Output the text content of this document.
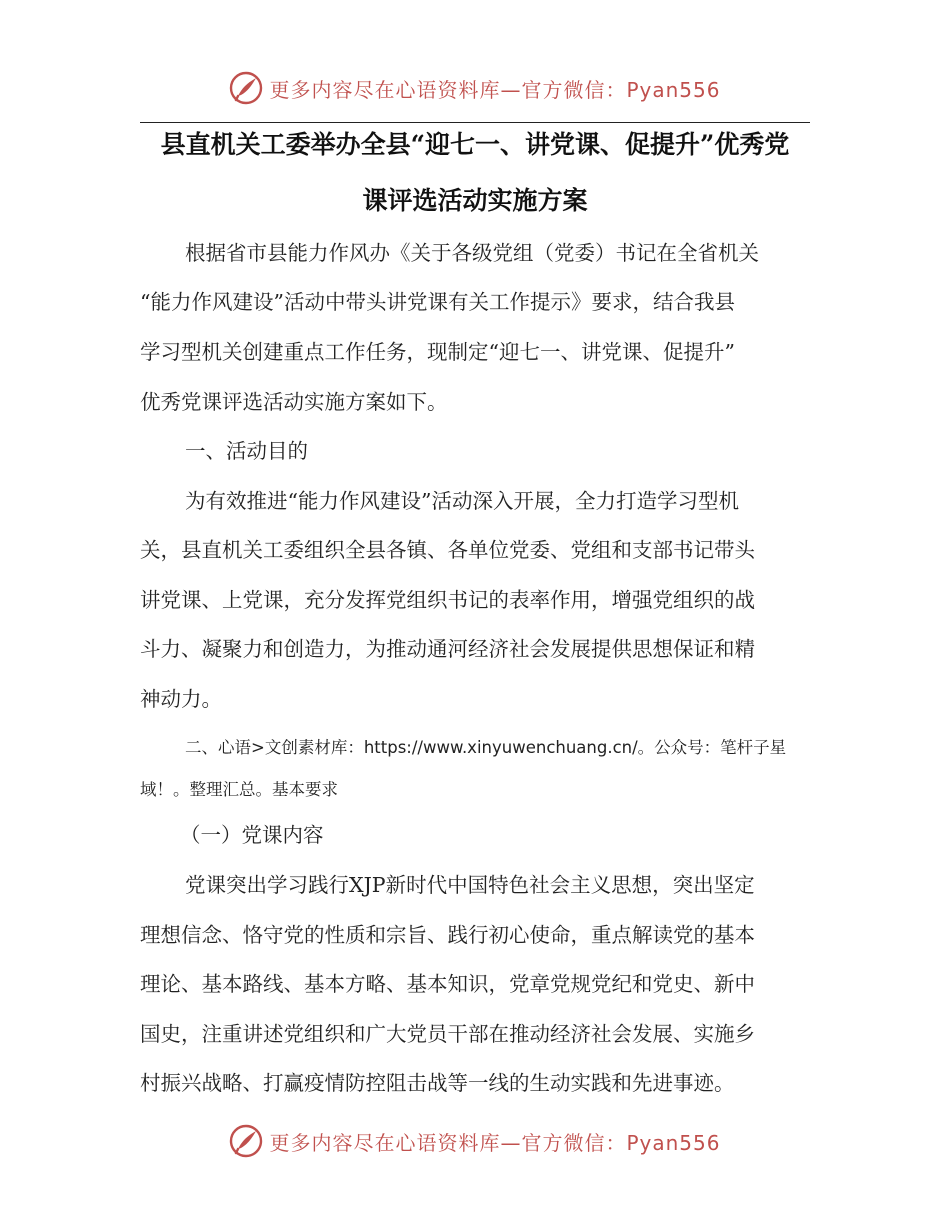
更多内容尽在心语资料库—官方微信：Pyan556
县直机关工委举办全县“迎七一、讲党课、促提升”优秀党
课评选活动实施方案
根据省市县能力作风办《关于各级党组（党委）书记在全省机关
“能力作风建设”活动中带头讲党课有关工作提示》要求，结合我县
学习型机关创建重点工作任务，现制定“迎七一、讲党课、促提升”
优秀党课评选活动实施方案如下。
一、活动目的
为有效推进“能力作风建设”活动深入开展，全力打造学习型机
关，县直机关工委组织全县各镇、各单位党委、党组和支部书记带头
讲党课、上党课，充分发挥党组织书记的表率作用，增强党组织的战
斗力、凝聚力和创造力，为推动通河经济社会发展提供思想保证和精
神动力。
二、心语>文创素材库：https://www.xinyuwenchuang.cn/。公众号：笔杆子星
域！。整理汇总。基本要求
（一）党课内容
党课突出学习践行XJP新时代中国特色社会主义思想，突出坚定
理想信念、恪守党的性质和宗旨、践行初心使命，重点解读党的基本
理论、基本路线、基本方略、基本知识，党章党规党纪和党史、新中
国史，注重讲述党组织和广大党员干部在推动经济社会发展、实施乡
村振兴战略、打赢疫情防控阻击战等一线的生动实践和先进事迹。
更多内容尽在心语资料库—官方微信：Pyan556
